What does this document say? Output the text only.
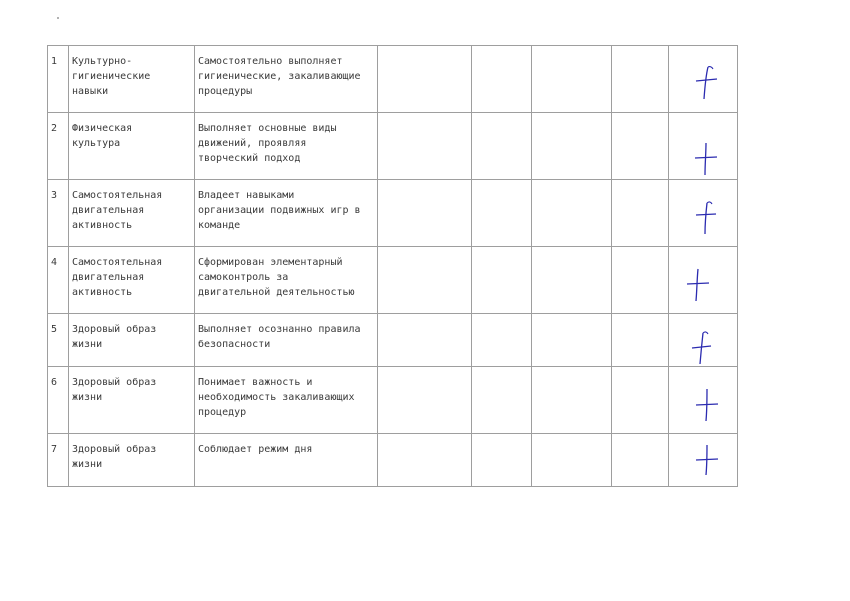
1	Культурно-
гигиенические
навыки	Самостоятельно выполняет
гигиенические, закаливающие
процедуры

2	Физическая
культура	Выполняет основные виды
движений, проявляя
творческий подход

3	Самостоятельная
двигательная
активность	Владеет навыками
организации подвижных игр в
команде

4	Самостоятельная
двигательная
активность	Сформирован элементарный
самоконтроль за
двигательной деятельностью

5	Здоровый образ
жизни	Выполняет осознанно правила
безопасности

6	Здоровый образ
жизни	Понимает важность и
необходимость закаливающих
процедур

7	Здоровый образ
жизни	Соблюдает режим дня
